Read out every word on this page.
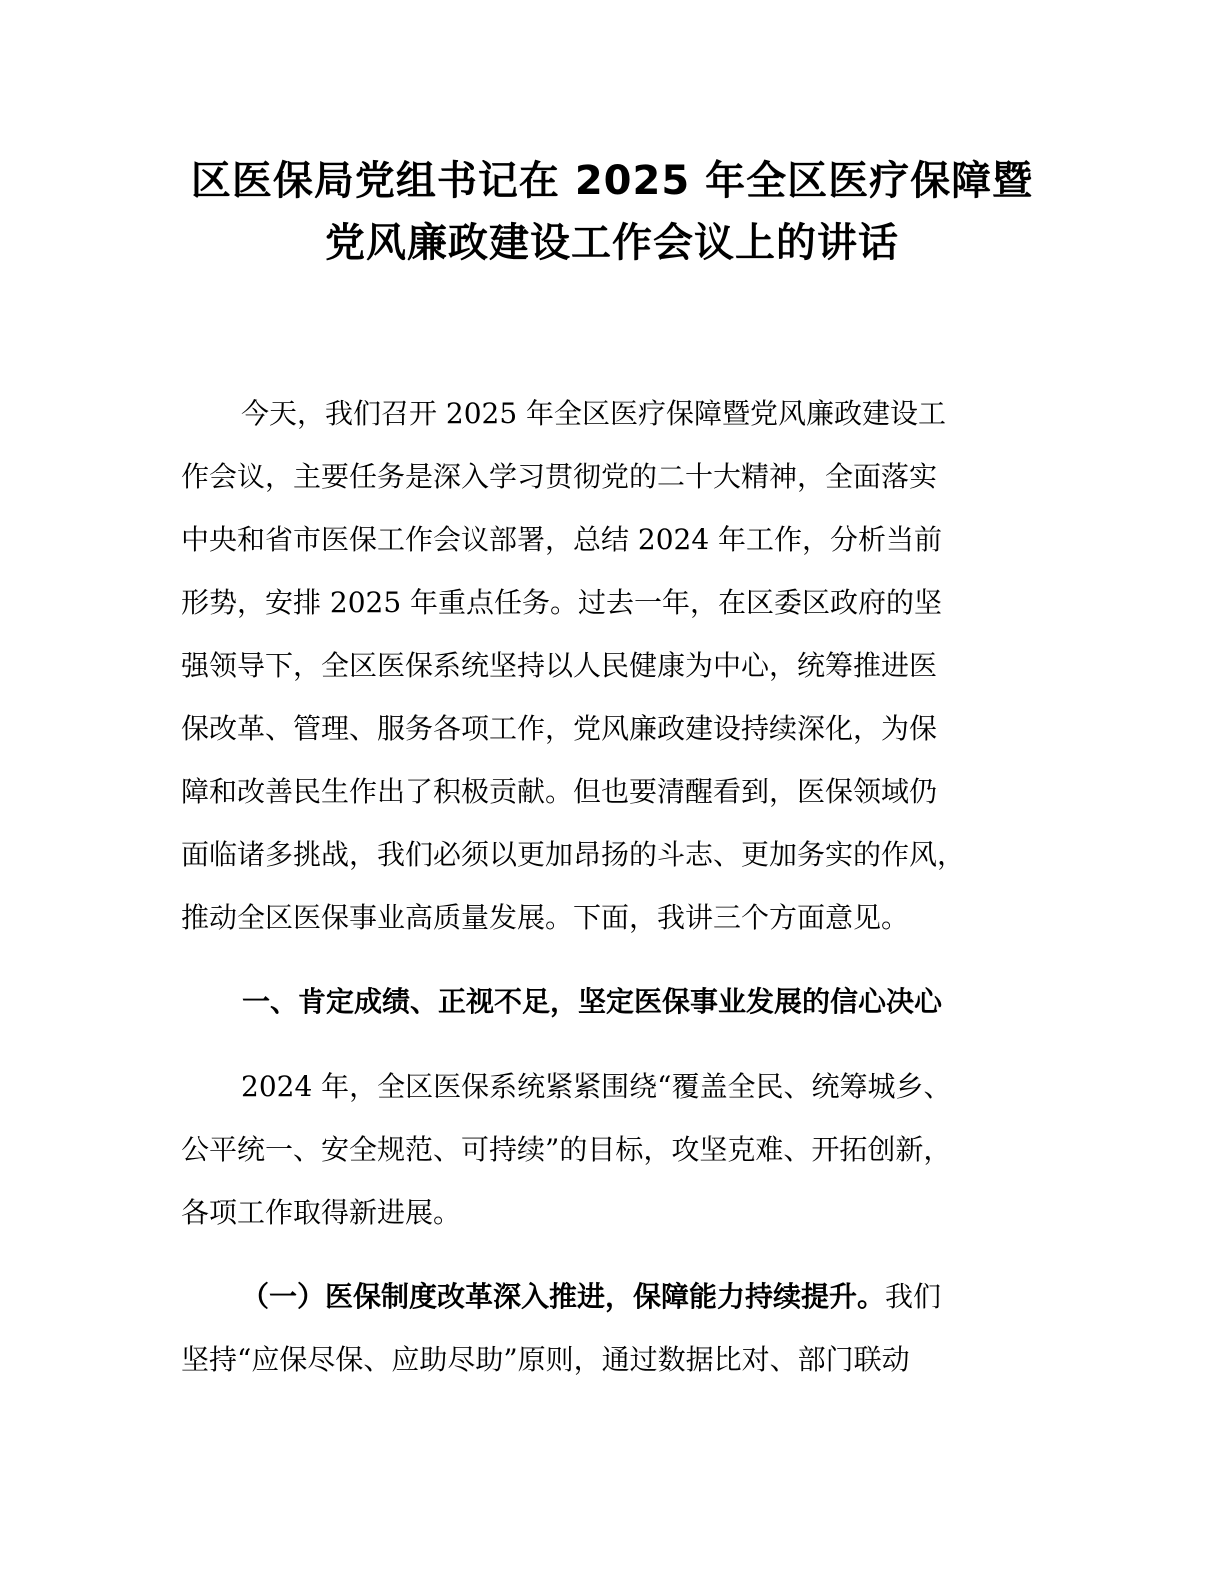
区医保局党组书记在 2025 年全区医疗保障暨
党风廉政建设工作会议上的讲话
今天，我们召开 2025 年全区医疗保障暨党风廉政建设工
作会议，主要任务是深入学习贯彻党的二十大精神，全面落实
中央和省市医保工作会议部署，总结 2024 年工作，分析当前
形势，安排 2025 年重点任务。过去一年，在区委区政府的坚
强领导下，全区医保系统坚持以人民健康为中心，统筹推进医
保改革、管理、服务各项工作，党风廉政建设持续深化，为保
障和改善民生作出了积极贡献。但也要清醒看到，医保领域仍
面临诸多挑战，我们必须以更加昂扬的斗志、更加务实的作风，
推动全区医保事业高质量发展。下面，我讲三个方面意见。
一、肯定成绩、正视不足，坚定医保事业发展的信心决心
2024 年，全区医保系统紧紧围绕“覆盖全民、统筹城乡、
公平统一、安全规范、可持续”的目标，攻坚克难、开拓创新，
各项工作取得新进展。
（一）医保制度改革深入推进，保障能力持续提升。我们
坚持“应保尽保、应助尽助”原则，通过数据比对、部门联动
